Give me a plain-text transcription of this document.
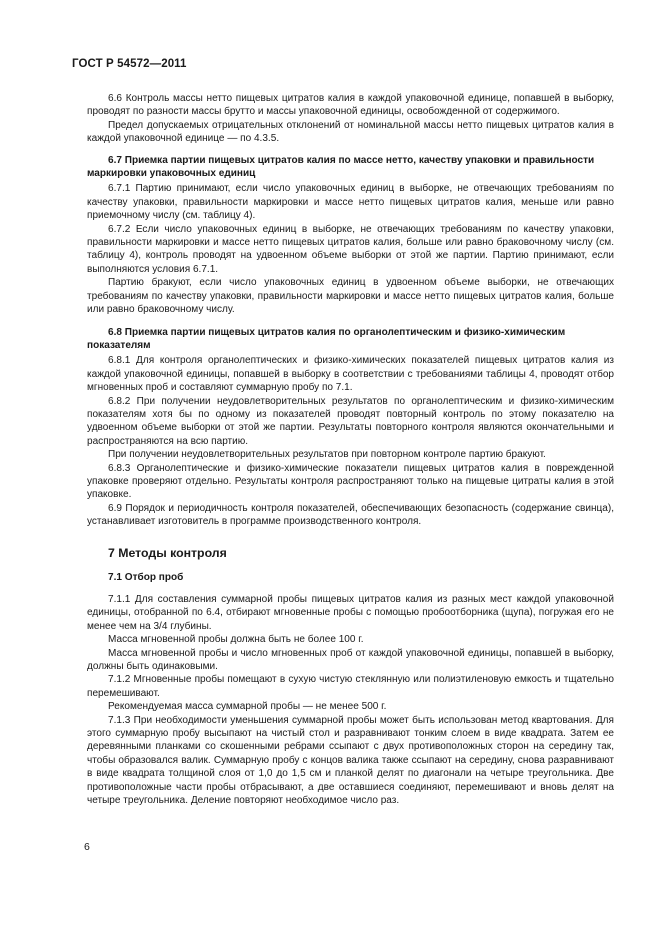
ГОСТ Р 54572—2011

6.6 Контроль массы нетто пищевых цитратов калия в каждой упаковочной единице, попавшей в выборку, проводят по разности массы брутто и массы упаковочной единицы, освобожденной от содержимого.

Предел допускаемых отрицательных отклонений от номинальной массы нетто пищевых цитратов калия в каждой упаковочной единице — по 4.3.5.

6.7 Приемка партии пищевых цитратов калия по массе нетто, качеству упаковки и правильности маркировки упаковочных единиц

6.7.1 Партию принимают, если число упаковочных единиц в выборке, не отвечающих требованиям по качеству упаковки, правильности маркировки и массе нетто пищевых цитратов калия, меньше или равно приемочному числу (см. таблицу 4).

6.7.2 Если число упаковочных единиц в выборке, не отвечающих требованиям по качеству упаковки, правильности маркировки и массе нетто пищевых цитратов калия, больше или равно браковочному числу (см. таблицу 4), контроль проводят на удвоенном объеме выборки от этой же партии. Партию принимают, если выполняются условия 6.7.1.

Партию бракуют, если число упаковочных единиц в удвоенном объеме выборки, не отвечающих требованиям по качеству упаковки, правильности маркировки и массе нетто пищевых цитратов калия, больше или равно браковочному числу.

6.8 Приемка партии пищевых цитратов калия по органолептическим и физико-химическим показателям

6.8.1 Для контроля органолептических и физико-химических показателей пищевых цитратов калия из каждой упаковочной единицы, попавшей в выборку в соответствии с требованиями таблицы 4, проводят отбор мгновенных проб и составляют суммарную пробу по 7.1.

6.8.2 При получении неудовлетворительных результатов по органолептическим и физико-химическим показателям хотя бы по одному из показателей проводят повторный контроль по этому показателю на удвоенном объеме выборки от этой же партии. Результаты повторного контроля являются окончательными и распространяются на всю партию.

При получении неудовлетворительных результатов при повторном контроле партию бракуют.

6.8.3 Органолептические и физико-химические показатели пищевых цитратов калия в поврежденной упаковке проверяют отдельно. Результаты контроля распространяют только на пищевые цитраты калия в этой упаковке.

6.9 Порядок и периодичность контроля показателей, обеспечивающих безопасность (содержание свинца), устанавливает изготовитель в программе производственного контроля.

7 Методы контроля
7.1 Отбор проб

7.1.1 Для составления суммарной пробы пищевых цитратов калия из разных мест каждой упаковочной единицы, отобранной по 6.4, отбирают мгновенные пробы с помощью пробоотборника (щупа), погружая его не менее чем на 3/4 глубины.

Масса мгновенной пробы должна быть не более 100 г.

Масса мгновенной пробы и число мгновенных проб от каждой упаковочной единицы, попавшей в выборку, должны быть одинаковыми.

7.1.2 Мгновенные пробы помещают в сухую чистую стеклянную или полиэтиленовую емкость и тщательно перемешивают.

Рекомендуемая масса суммарной пробы — не менее 500 г.

7.1.3 При необходимости уменьшения суммарной пробы может быть использован метод квартования. Для этого суммарную пробу высыпают на чистый стол и разравнивают тонким слоем в виде квадрата. Затем ее деревянными планками со скошенными ребрами ссыпают с двух противоположных сторон на середину так, чтобы образовался валик. Суммарную пробу с концов валика также ссыпают на середину, снова разравнивают в виде квадрата толщиной слоя от 1,0 до 1,5 см и планкой делят по диагонали на четыре треугольника. Две противоположные части пробы отбрасывают, а две оставшиеся соединяют, перемешивают и вновь делят на четыре треугольника. Деление повторяют необходимое число раз.

6
